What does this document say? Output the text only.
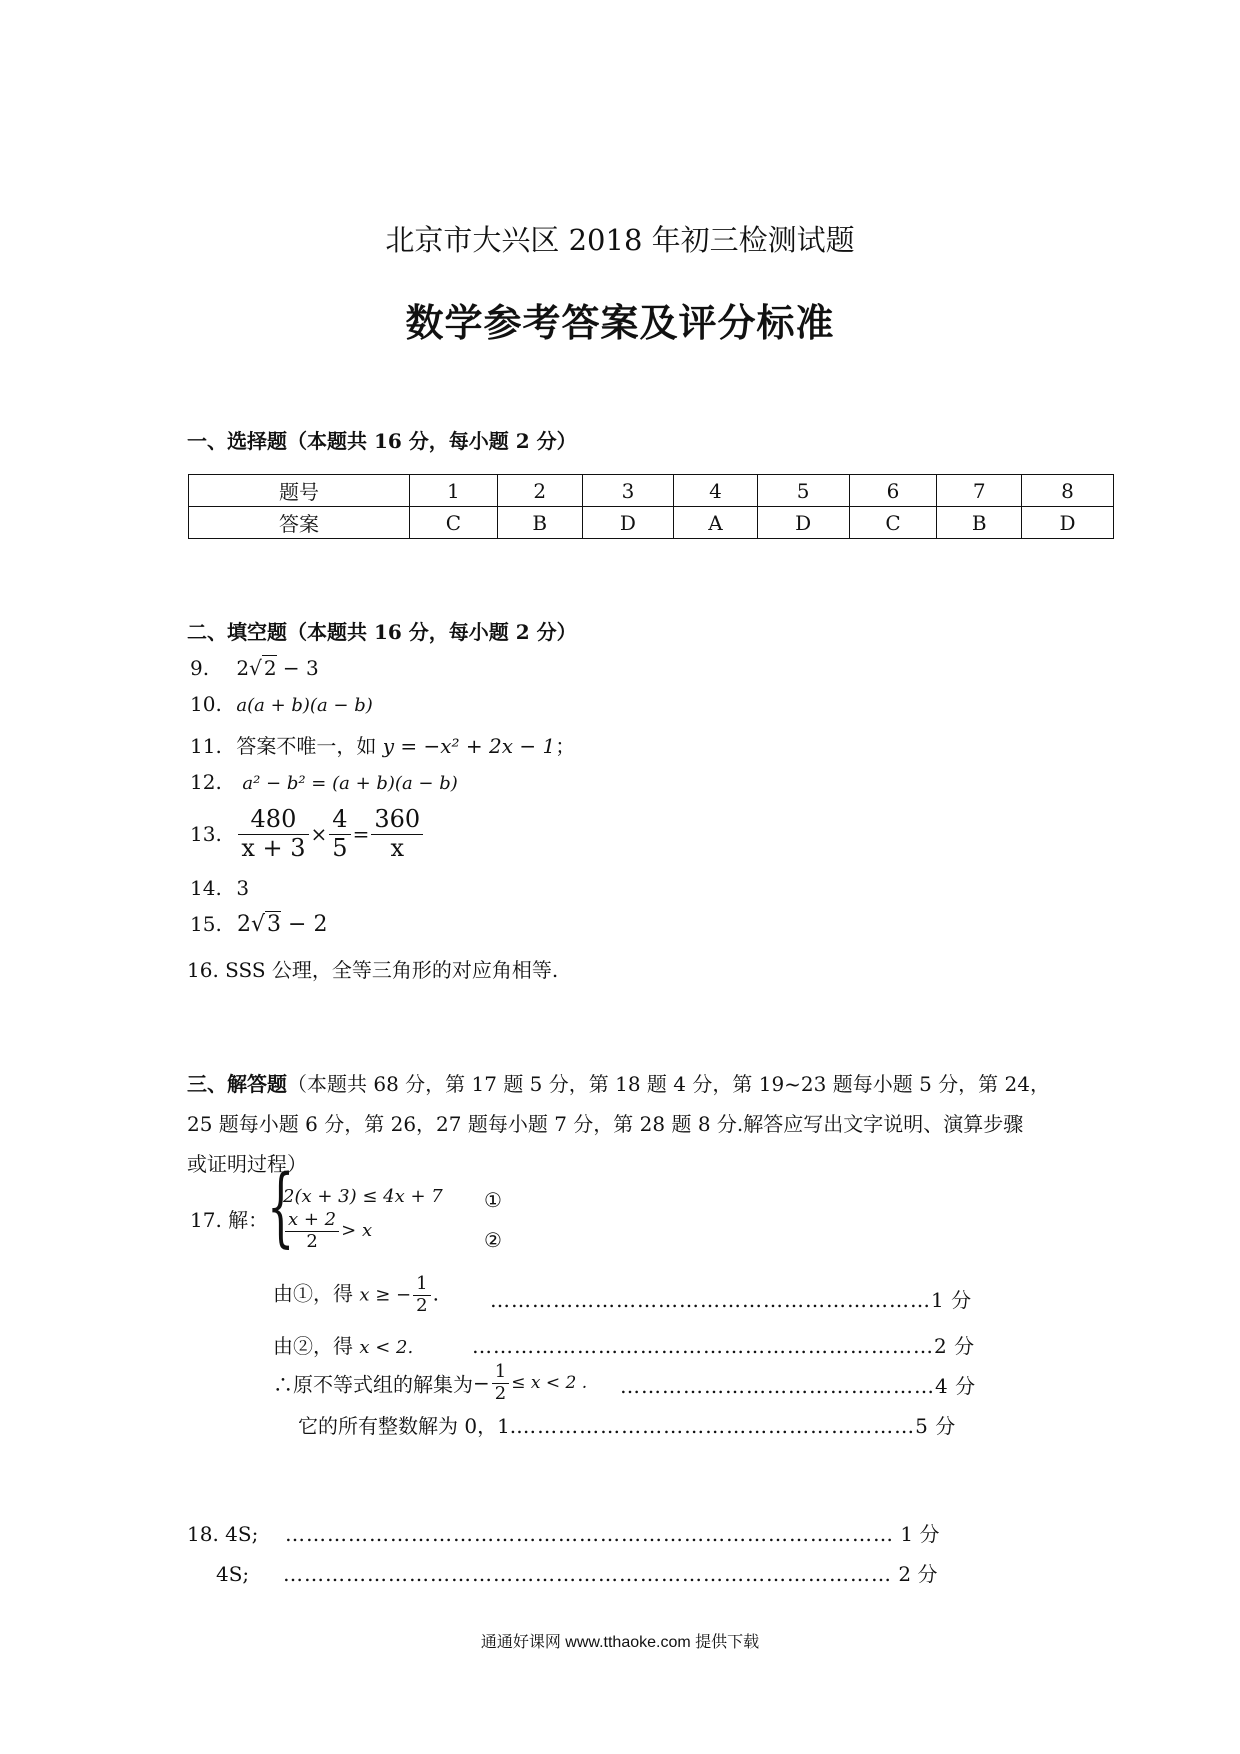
北京市大兴区 2018 年初三检测试题
数学参考答案及评分标准
一、选择题（本题共 16 分，每小题 2 分）
题号	1	2	3	4	5	6	7	8
答案	C	B	D	A	D	C	B	D
二、填空题（本题共 16 分，每小题 2 分）
9. 2√ 2 − 3
10. a(a + b)(a − b)
11. 答案不唯一，如 y = −x² + 2x − 1；
12. a² − b² = (a + b)(a − b)
13. $\frac{480}{x + 3} \times \frac{4}{5} = \frac{360}{x}$
14. 3
15. 2√3 − 2
16. SSS 公理，全等三角形的对应角相等.
三、解答题（本题共 68 分，第 17 题 5 分，第 18 题 4 分，第 19~23 题每小题 5 分，第 24，
25 题每小题 6 分，第 26，27 题每小题 7 分，第 28 题 8 分.解答应写出文字说明、演算步骤
或证明过程）
17. 解：
{
2(x + 3) ≤ 4x + 7 ①
$\frac{x + 2}{2} > x$	②
由①，得 x ≥ − $\frac{1}{2}$ .	………………………………………………………1 分
由②，得 x < 2.	…………………………………………………………2 分
∴原不等式组的解集为− $\frac{1}{2} \le x < 2$ . ………………………………………4 分
它的所有整数解为 0，1.…………………………………………………5 分
18. 4S; …………………………………………………………………………… 1 分
4S; …………………………………………………………………………… 2 分
通通好课网 www.tthaoke.com 提供下载
